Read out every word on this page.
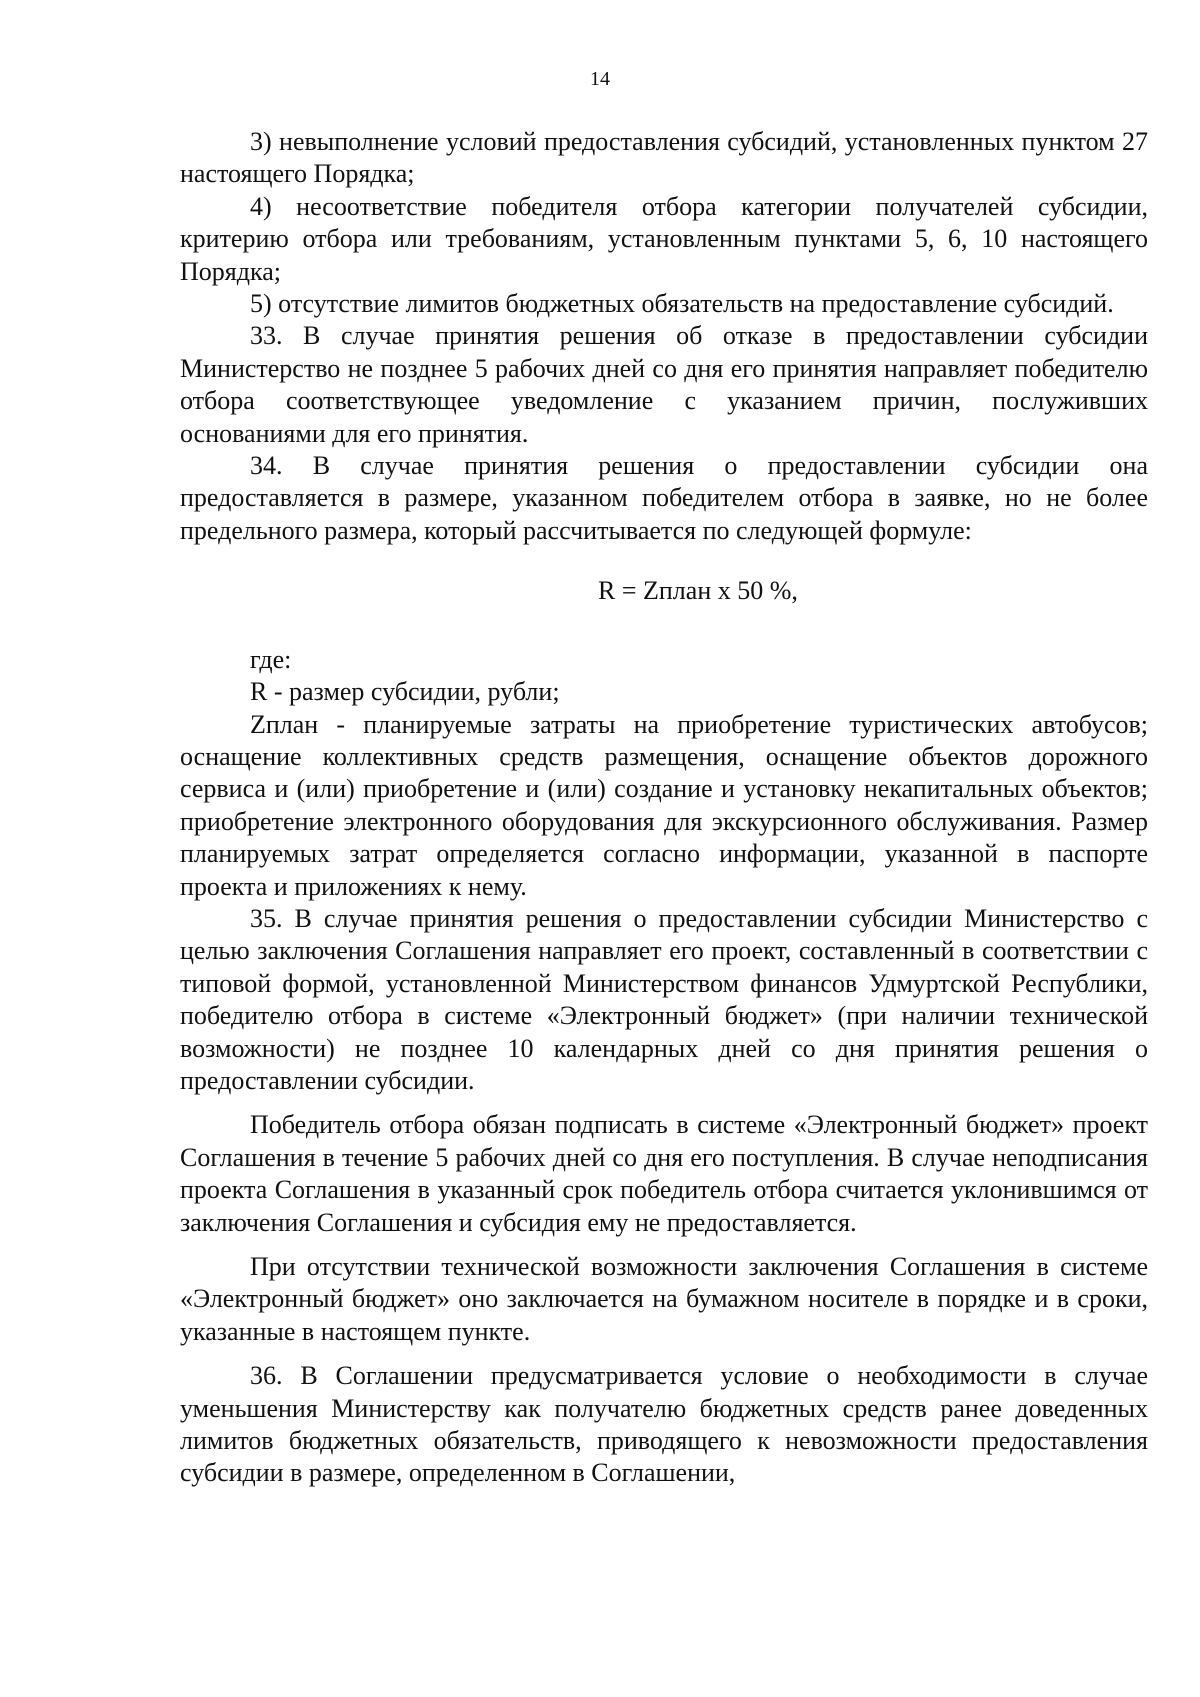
14

3) невыполнение условий предоставления субсидий, установленных пунктом 27 настоящего Порядка;

4) несоответствие победителя отбора категории получателей субсидии, критерию отбора или требованиям, установленным пунктами 5, 6, 10 настоящего Порядка;

5) отсутствие лимитов бюджетных обязательств на предоставление субсидий.

33. В случае принятия решения об отказе в предоставлении субсидии Министерство не позднее 5 рабочих дней со дня его принятия направляет победителю отбора соответствующее уведомление с указанием причин, послуживших основаниями для его принятия.

34. В случае принятия решения о предоставлении субсидии она предоставляется в размере, указанном победителем отбора в заявке, но не более предельного размера, который рассчитывается по следующей формуле:

R = Zплан x 50 %,

где:

R - размер субсидии, рубли;

Zплан - планируемые затраты на приобретение туристических автобусов; оснащение коллективных средств размещения, оснащение объектов дорожного сервиса и (или) приобретение и (или) создание и установку некапитальных объектов; приобретение электронного оборудования для экскурсионного обслуживания. Размер планируемых затрат определяется согласно информации, указанной в паспорте проекта и приложениях к нему.

35. В случае принятия решения о предоставлении субсидии Министерство с целью заключения Соглашения направляет его проект, составленный в соответствии с типовой формой, установленной Министерством финансов Удмуртской Республики, победителю отбора в системе «Электронный бюджет» (при наличии технической возможности) не позднее 10 календарных дней со дня принятия решения о предоставлении субсидии.

Победитель отбора обязан подписать в системе «Электронный бюджет» проект Соглашения в течение 5 рабочих дней со дня его поступления. В случае неподписания проекта Соглашения в указанный срок победитель отбора считается уклонившимся от заключения Соглашения и субсидия ему не предоставляется.

При отсутствии технической возможности заключения Соглашения в системе «Электронный бюджет» оно заключается на бумажном носителе в порядке и в сроки, указанные в настоящем пункте.

36. В Соглашении предусматривается условие о необходимости в случае уменьшения Министерству как получателю бюджетных средств ранее доведенных лимитов бюджетных обязательств, приводящего к невозможности предоставления субсидии в размере, определенном в Соглашении,
